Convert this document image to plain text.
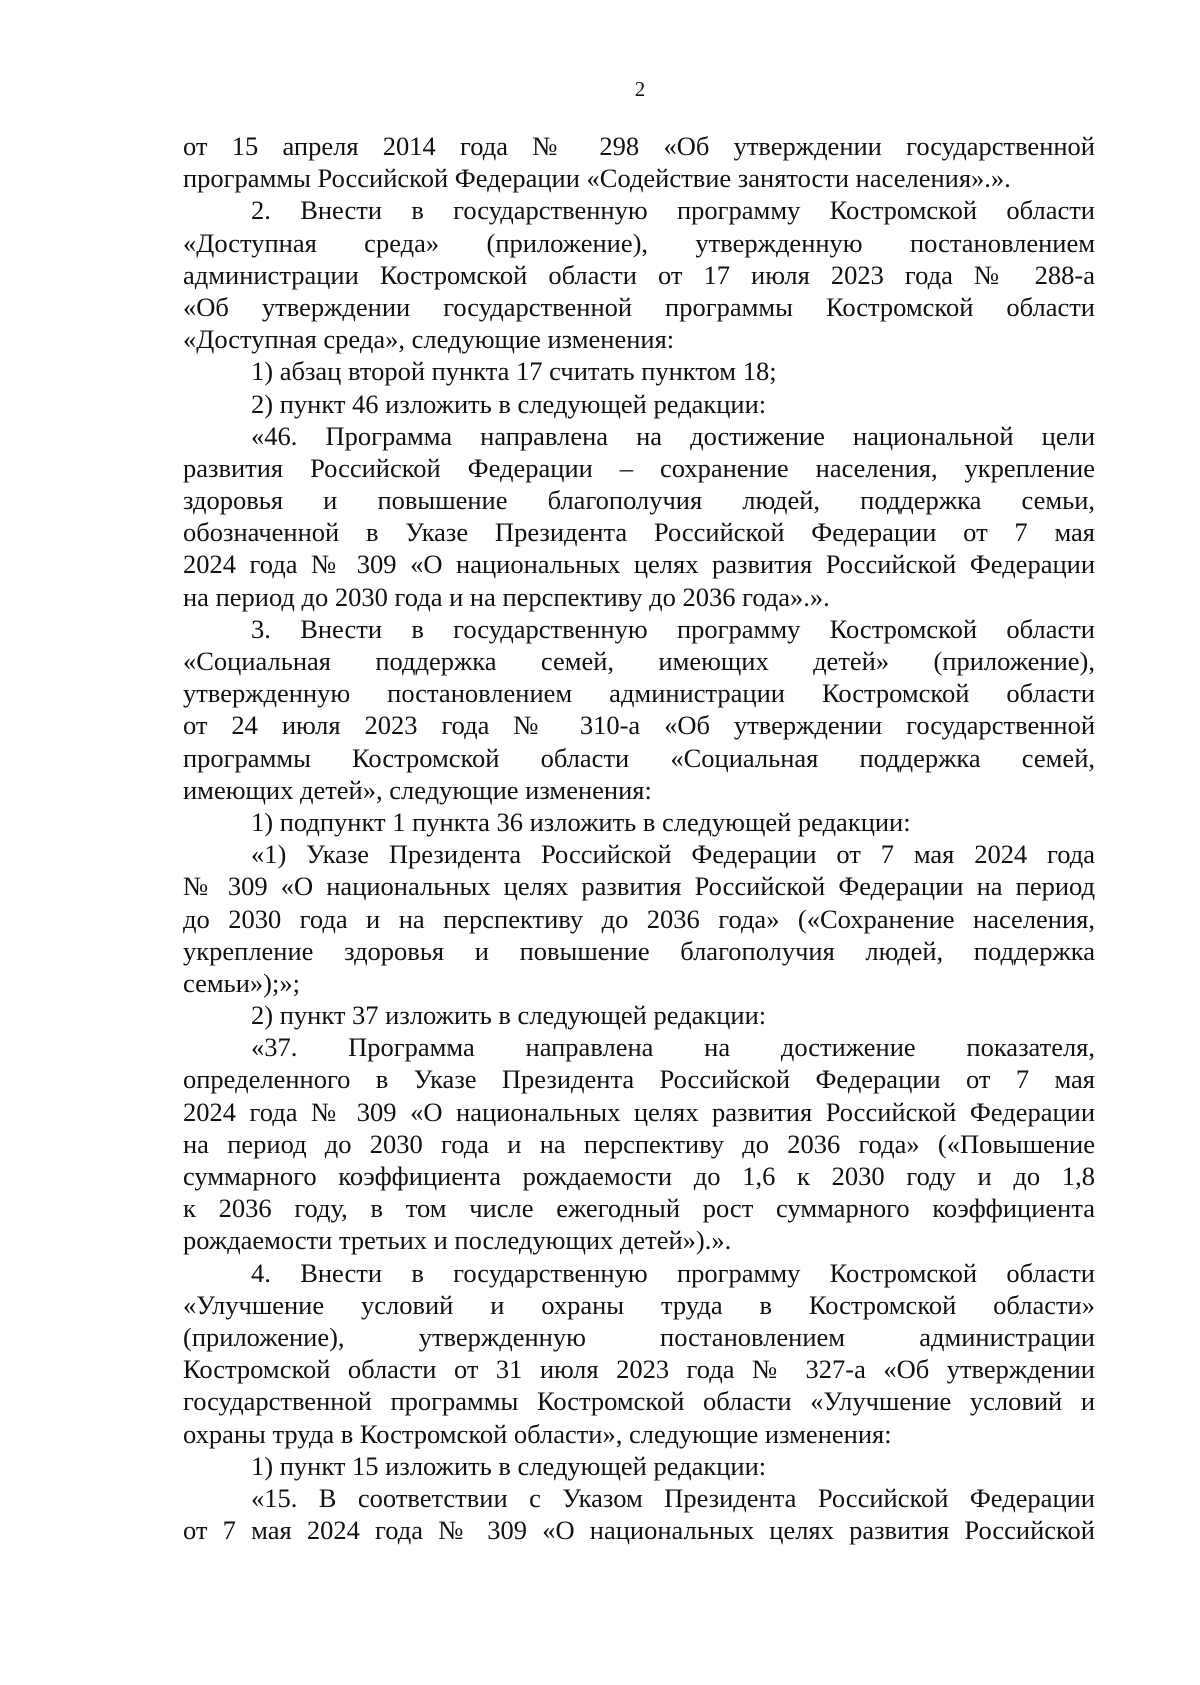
2
от 15 апреля 2014 года № 298 «Об утверждении государственной
программы Российской Федерации «Содействие занятости населения».».
2. Внести в государственную программу Костромской области
«Доступная среда» (приложение), утвержденную постановлением
администрации Костромской области от 17 июля 2023 года № 288-а
«Об утверждении государственной программы Костромской области
«Доступная среда», следующие изменения:
1) абзац второй пункта 17 считать пунктом 18;
2) пункт 46 изложить в следующей редакции:
«46. Программа направлена на достижение национальной цели
развития Российской Федерации – сохранение населения, укрепление
здоровья и повышение благополучия людей, поддержка семьи,
обозначенной в Указе Президента Российской Федерации от 7 мая
2024 года № 309 «О национальных целях развития Российской Федерации
на период до 2030 года и на перспективу до 2036 года».».
3. Внести в государственную программу Костромской области
«Социальная поддержка семей, имеющих детей» (приложение),
утвержденную постановлением администрации Костромской области
от 24 июля 2023 года № 310-а «Об утверждении государственной
программы Костромской области «Социальная поддержка семей,
имеющих детей», следующие изменения:
1) подпункт 1 пункта 36 изложить в следующей редакции:
«1) Указе Президента Российской Федерации от 7 мая 2024 года
№ 309 «О национальных целях развития Российской Федерации на период
до 2030 года и на перспективу до 2036 года» («Сохранение населения,
укрепление здоровья и повышение благополучия людей, поддержка
семьи»);»;
2) пункт 37 изложить в следующей редакции:
«37. Программа направлена на достижение показателя,
определенного в Указе Президента Российской Федерации от 7 мая
2024 года № 309 «О национальных целях развития Российской Федерации
на период до 2030 года и на перспективу до 2036 года» («Повышение
суммарного коэффициента рождаемости до 1,6 к 2030 году и до 1,8
к 2036 году, в том числе ежегодный рост суммарного коэффициента
рождаемости третьих и последующих детей»).».
4. Внести в государственную программу Костромской области
«Улучшение условий и охраны труда в Костромской области»
(приложение), утвержденную постановлением администрации
Костромской области от 31 июля 2023 года № 327-а «Об утверждении
государственной программы Костромской области «Улучшение условий и
охраны труда в Костромской области», следующие изменения:
1) пункт 15 изложить в следующей редакции:
«15. В соответствии с Указом Президента Российской Федерации
от 7 мая 2024 года № 309 «О национальных целях развития Российской
